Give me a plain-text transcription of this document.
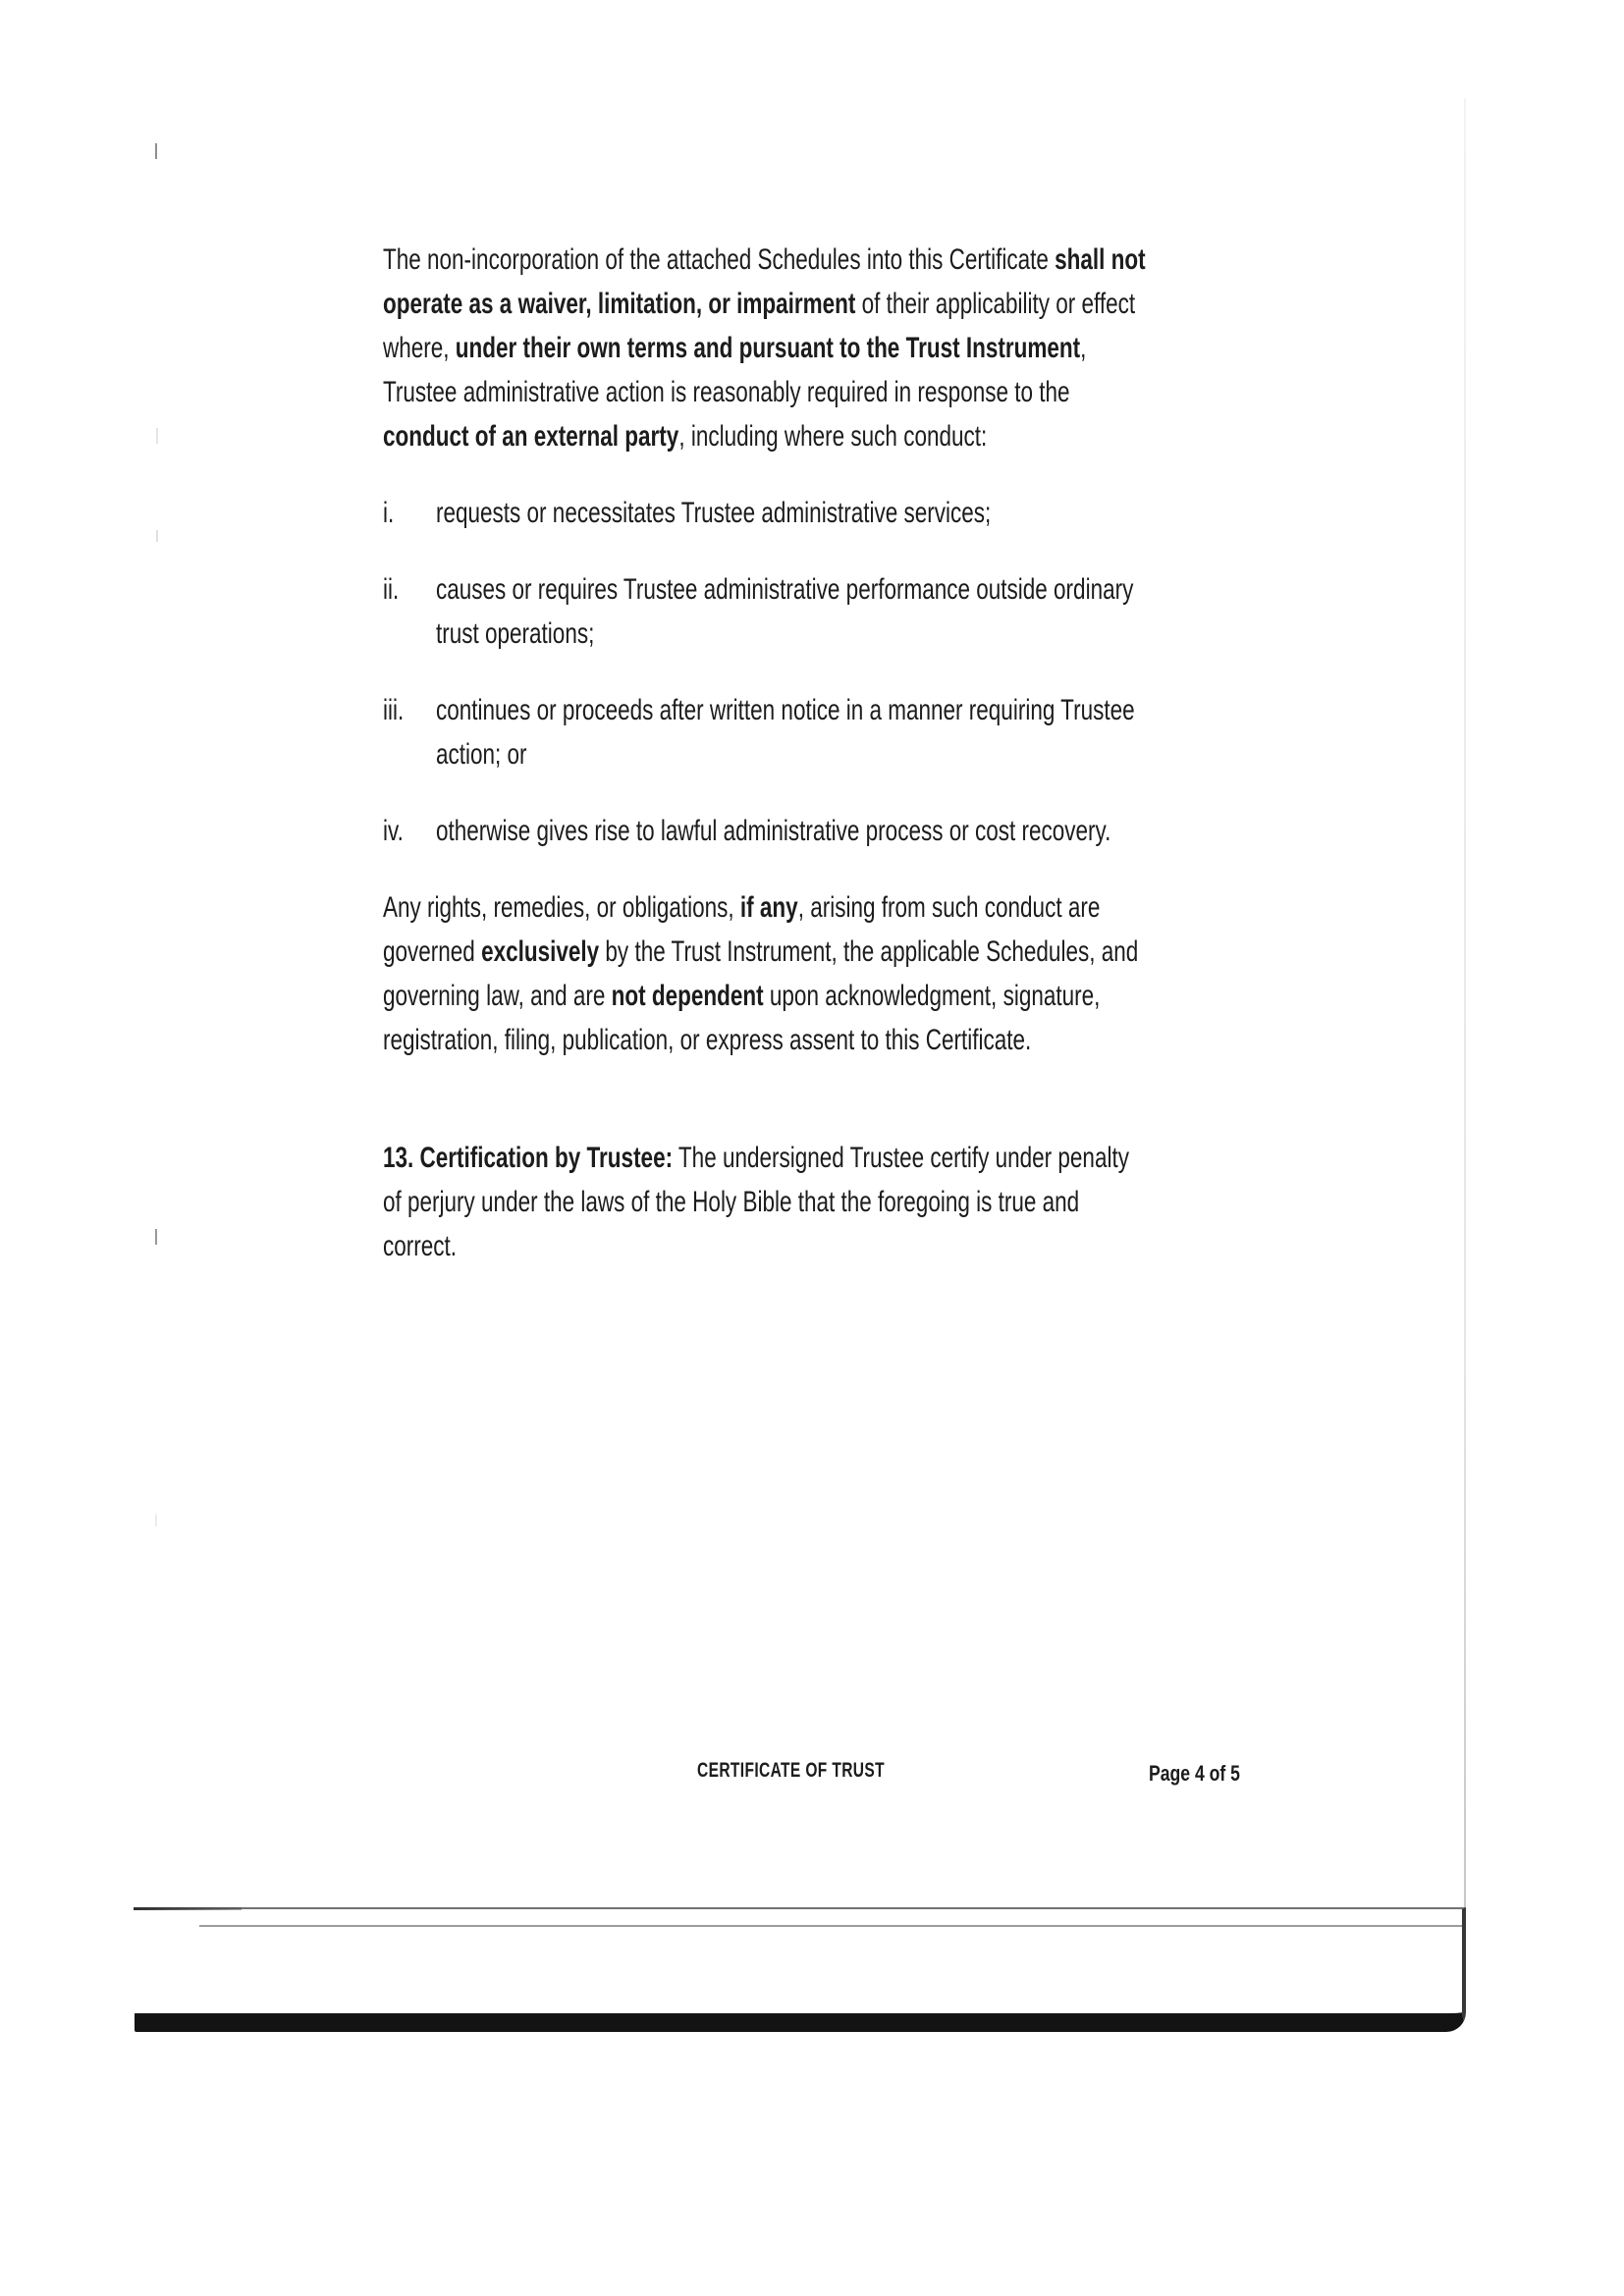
The non-incorporation of the attached Schedules into this Certificate shall not
operate as a waiver, limitation, or impairment of their applicability or effect
where, under their own terms and pursuant to the Trust Instrument,
Trustee administrative action is reasonably required in response to the
conduct of an external party, including where such conduct:
i. requests or necessitates Trustee administrative services;
ii. causes or requires Trustee administrative performance outside ordinary
trust operations;
iii. continues or proceeds after written notice in a manner requiring Trustee
action; or
iv. otherwise gives rise to lawful administrative process or cost recovery.
Any rights, remedies, or obligations, if any, arising from such conduct are
governed exclusively by the Trust Instrument, the applicable Schedules, and
governing law, and are not dependent upon acknowledgment, signature,
registration, filing, publication, or express assent to this Certificate.
13. Certification by Trustee: The undersigned Trustee certify under penalty
of perjury under the laws of the Holy Bible that the foregoing is true and
correct.
CERTIFICATE OF TRUST	Page 4 of 5
